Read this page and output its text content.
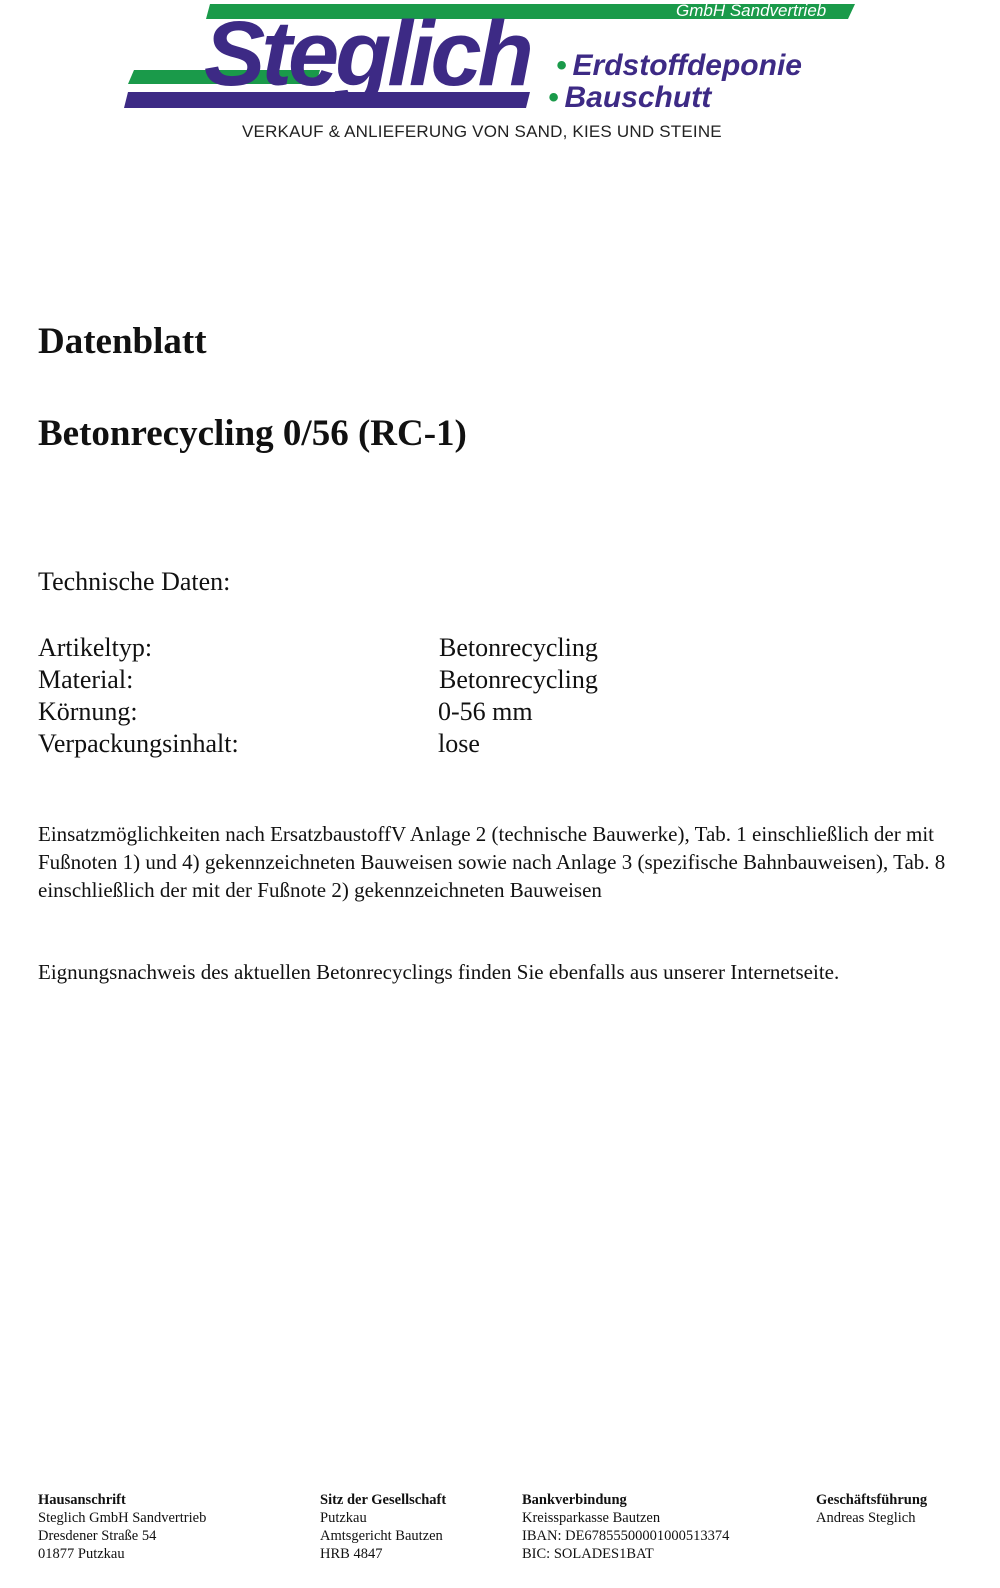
GmbH Sandvertrieb
Steglich • Erdstoffdeponie
• Bauschutt
VERKAUF & ANLIEFERUNG VON SAND, KIES UND STEINE
Datenblatt
Betonrecycling 0/56 (RC-1)
Technische Daten:
Artikeltyp:	Betonrecycling
Material:	Betonrecycling
Körnung:	0-56 mm
Verpackungsinhalt:	lose

Einsatzmöglichkeiten nach ErsatzbaustoffV Anlage 2 (technische Bauwerke), Tab. 1 einschließlich der mit Fußnoten 1) und 4) gekennzeichneten Bauweisen sowie nach Anlage 3 (spezifische Bahnbauweisen), Tab. 8 einschließlich der mit der Fußnote 2) gekennzeichneten Bauweisen

Eignungsnachweis des aktuellen Betonrecyclings finden Sie ebenfalls aus unserer Internetseite.

Hausanschrift
Steglich GmbH Sandvertrieb
Dresdener Straße 54
01877 Putzkau
Sitz der Gesellschaft
Putzkau
Amtsgericht Bautzen
HRB 4847
Bankverbindung
Kreissparkasse Bautzen
IBAN: DE67855500001000513374
BIC: SOLADES1BAT
Geschäftsführung
Andreas Steglich
